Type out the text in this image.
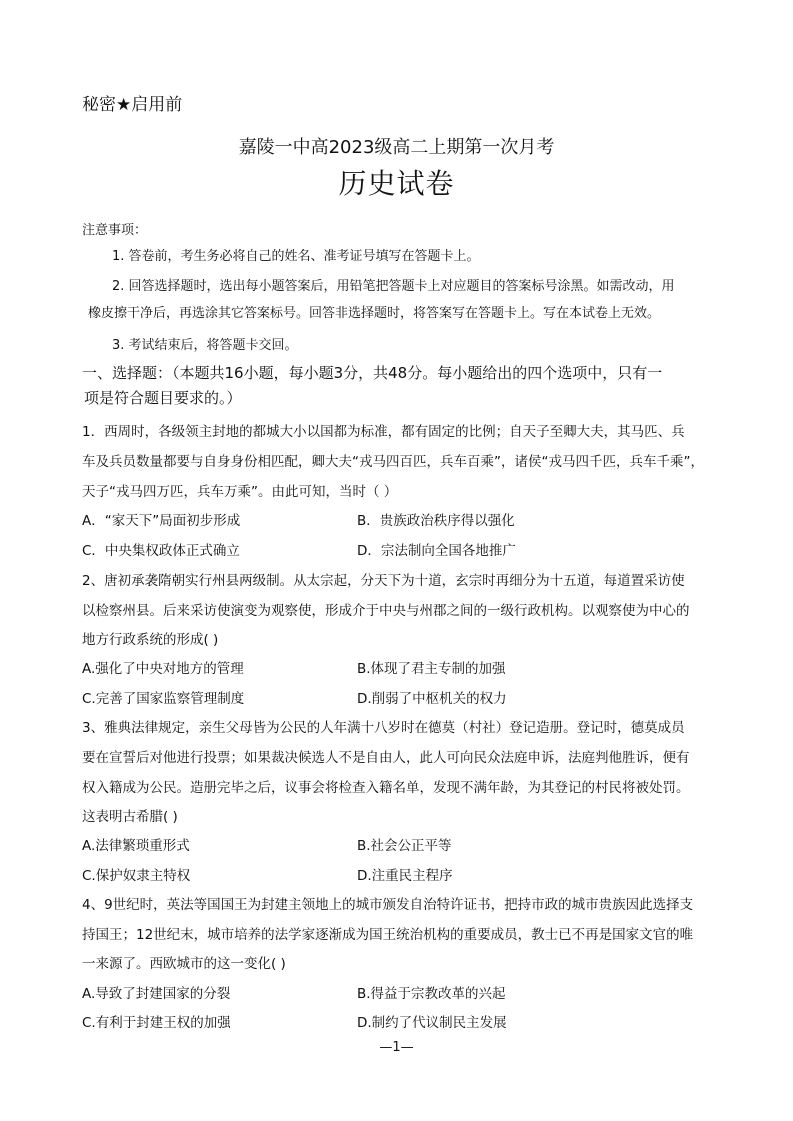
秘密★启用前
嘉陵一中高2023级高二上期第一次月考
历史试卷
注意事项：
1. 答卷前，考生务必将自己的姓名、准考证号填写在答题卡上。
2. 回答选择题时，选出每小题答案后，用铅笔把答题卡上对应题目的答案标号涂黑。如需改动，用
橡皮擦干净后，再选涂其它答案标号。回答非选择题时，将答案写在答题卡上。写在本试卷上无效。
3. 考试结束后，将答题卡交回。
一、选择题：（本题共16小题，每小题3分，共48分。每小题给出的四个选项中，只有一
项是符合题目要求的。）
1．西周时，各级领主封地的都城大小以国都为标准，都有固定的比例；自天子至卿大夫，其马匹、兵
车及兵员数量都要与自身身份相匹配，卿大夫“戎马四百匹，兵车百乘”，诸侯“戎马四千匹，兵车千乘”，
天子“戎马四万匹，兵车万乘”。由此可知，当时（ ）
A．“家天下”局面初步形成	B．贵族政治秩序得以强化
C．中央集权政体正式确立	D．宗法制向全国各地推广
2、唐初承袭隋朝实行州县两级制。从太宗起，分天下为十道，玄宗时再细分为十五道，每道置采访使
以检察州县。后来采访使演变为观察使，形成介于中央与州郡之间的一级行政机构。以观察使为中心的
地方行政系统的形成( )
A.强化了中央对地方的管理	B.体现了君主专制的加强
C.完善了国家监察管理制度	D.削弱了中枢机关的权力
3、雅典法律规定，亲生父母皆为公民的人年满十八岁时在德莫（村社）登记造册。登记时，德莫成员
要在宣誓后对他进行投票；如果裁决候选人不是自由人，此人可向民众法庭申诉，法庭判他胜诉，便有
权入籍成为公民。造册完毕之后，议事会将检查入籍名单，发现不满年龄，为其登记的村民将被处罚。
这表明古希腊( )
A.法律繁琐重形式	B.社会公正平等
C.保护奴隶主特权	D.注重民主程序
4、9世纪时，英法等国国王为封建主领地上的城市颁发自治特许证书，把持市政的城市贵族因此选择支
持国王；12世纪末，城市培养的法学家逐渐成为国王统治机构的重要成员，教士已不再是国家文官的唯
一来源了。西欧城市的这一变化( )
A.导致了封建国家的分裂	B.得益于宗教改革的兴起
C.有利于封建王权的加强	D.制约了代议制民主发展
—1—
